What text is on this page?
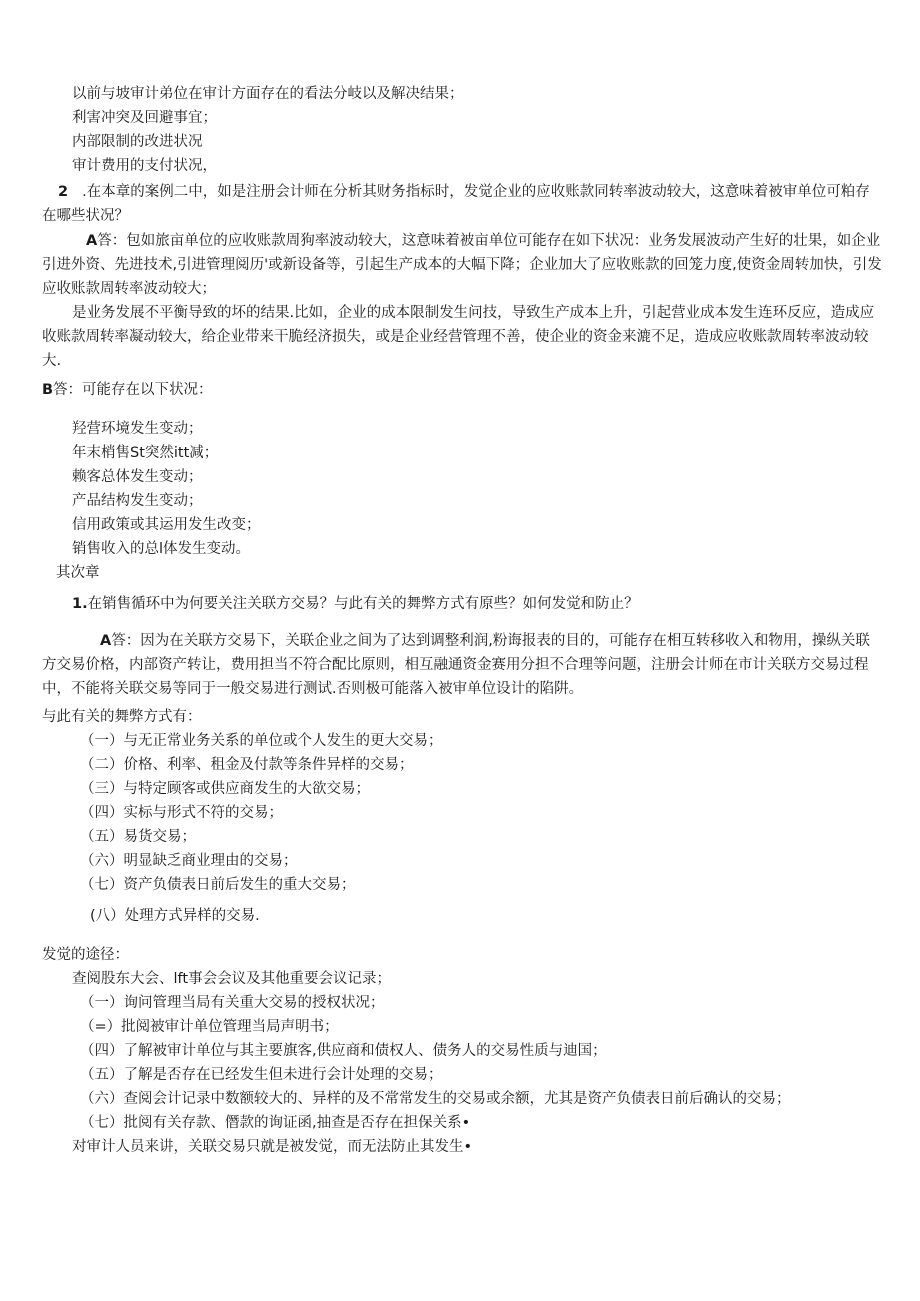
以前与坡审计弟位在审计方面存在的看法分岐以及解决结果；
利害冲突及回避事宜；
内部限制的改进状况
审计费用的支付状况，
2 .在本章的案例二中，如是注册会计师在分析其财务指标时，发觉企业的应收账款同转率波动较大，这意味着被审单位可粕存在哪些状况？
A答：包如旅亩单位的应收账款周狗率波动较大，这意味着被亩单位可能存在如下状况：业务发展波动产生好的壮果，如企业引进外资、先进技术,引进管理阅历'或新设备等，引起生产成本的大幅下降；企业加大了应收账款的回笼力度,使资金周转加快，引发应收账款周转率波动较大；
是业务发展不平衡导致的坏的结果.比如，企业的成本限制发生问技，导致生产成本上升，引起营业成本发生连环反应，造成应收账款周转率凝动较大，给企业带来干脆经济损失，或是企业经营管理不善，使企业的资金来漉不足，造成应收账款周转率波动较大.
B答：可能存在以下状况：
羟营环境发生变动；
年末梢售St突然itt减；
赖客总体发生变动；
产品结构发生变动；
信用政策或其运用发生改变；
销售收入的总l体发生变动。
其次章
1.在销售循环中为何要关注关联方交易？与此有关的舞弊方式有原些？如何发觉和防止？
A答：因为在关联方交易下，关联企业之间为了达到调整利润,粉诲报表的目的，可能存在相互转移收入和物用，操纵关联方交易价格，内部资产转让，费用担当不符合配比原则，相互融通资金赛用分担不合理等问题，注册会计师在市计关联方交易过程中，不能将关联交易等同于一般交易进行测试.否则极可能落入被审单位设计的陷阱。
与此有关的舞弊方式有：
（一）与无正常业务关系的单位或个人发生的更大交易；
（二）价格、利率、租金及付款等条件异样的交易；
（三）与特定顾客或供应商发生的大欲交易；
（四）实标与形式不符的交易；
（五）易货交易；
（六）明显缺乏商业理由的交易；
（七）资产负债表日前后发生的重大交易；
(八）处理方式异样的交易.
发觉的途径：
查阅股东大会、lft事会会议及其他重要会议记录；
（一）询问管理当局有关重大交易的授权状况；
（=）批阅被审计单位管理当局声明书；
（四）了解被审计单位与其主要旗客,供应商和债权人、债务人的交易性质与迪国；
（五）了解是否存在已经发生但未进行会计处理的交易；
（六）查阅会计记录中数额较大的、异样的及不常常发生的交易或余额，尤其是资产负债表日前后确认的交易；
（七）批阅有关存款、僭款的询证函,抽查是否存在担保关系•
对审计人员来讲，关联交易只就是被发觉，而无法防止其发生•
